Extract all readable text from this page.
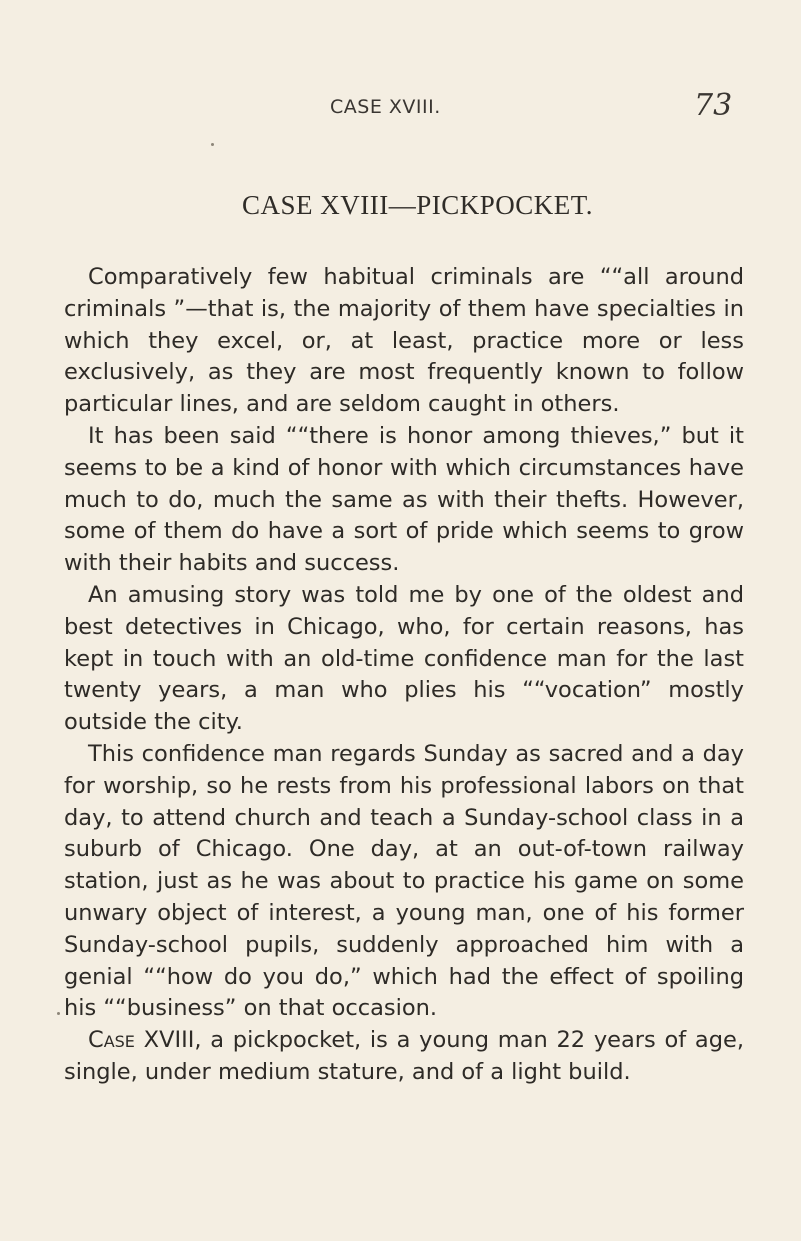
CASE XVIII.	73
CASE XVIII—PICKPOCKET.

Comparatively few habitual criminals are ““all around criminals ”—that is, the majority of them have specialties in which they excel, or, at least, practice more or less exclusively, as they are most frequently known to follow particular lines, and are seldom caught in others.

It has been said ““there is honor among thieves,” but it seems to be a kind of honor with which circumstances have much to do, much the same as with their thefts. However, some of them do have a sort of pride which seems to grow with their habits and success.

An amusing story was told me by one of the oldest and best detectives in Chicago, who, for certain reasons, has kept in touch with an old-time confidence man for the last twenty years, a man who plies his ““vocation” mostly outside the city.

This confidence man regards Sunday as sacred and a day for worship, so he rests from his professional labors on that day, to attend church and teach a Sunday-school class in a suburb of Chicago. One day, at an out-of-town railway station, just as he was about to practice his game on some unwary object of interest, a young man, one of his former Sunday-school pupils, suddenly approached him with a genial ““how do you do,” which had the effect of spoiling his ““business” on that occasion.

Case XVIII, a pickpocket, is a young man 22 years of age, single, under medium stature, and of a light build.
